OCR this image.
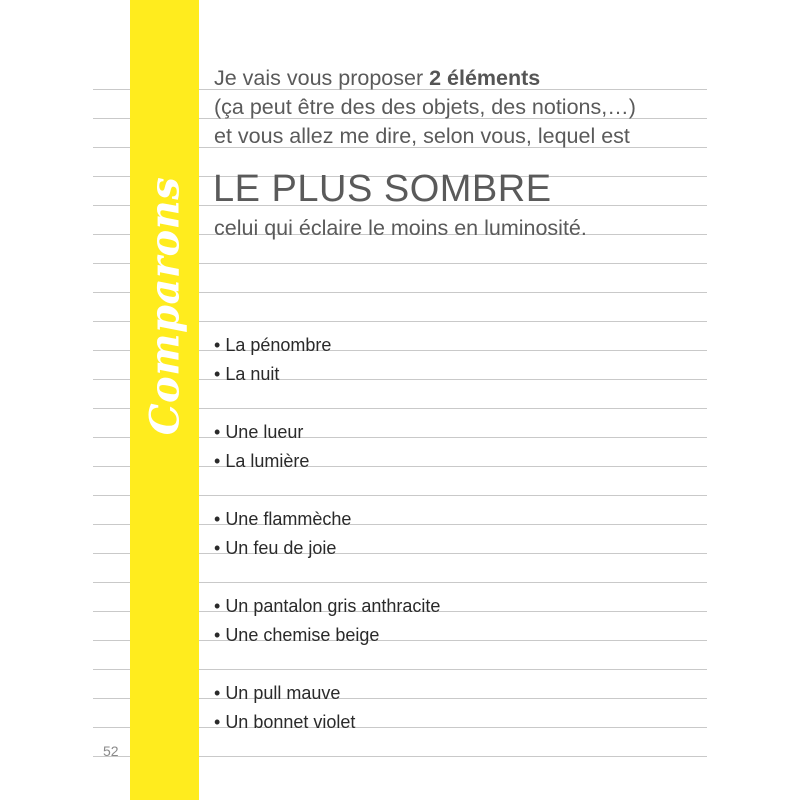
Comparons
Je vais vous proposer 2 éléments
(ça peut être des des objets, des notions,…)
et vous allez me dire, selon vous, lequel est
LE PLUS SOMBRE
celui qui éclaire le moins en luminosité.
• La pénombre
• La nuit
• Une lueur
• La lumière
• Une flammèche
• Un feu de joie
• Un pantalon gris anthracite
• Une chemise beige
• Un pull mauve
• Un bonnet violet
52
